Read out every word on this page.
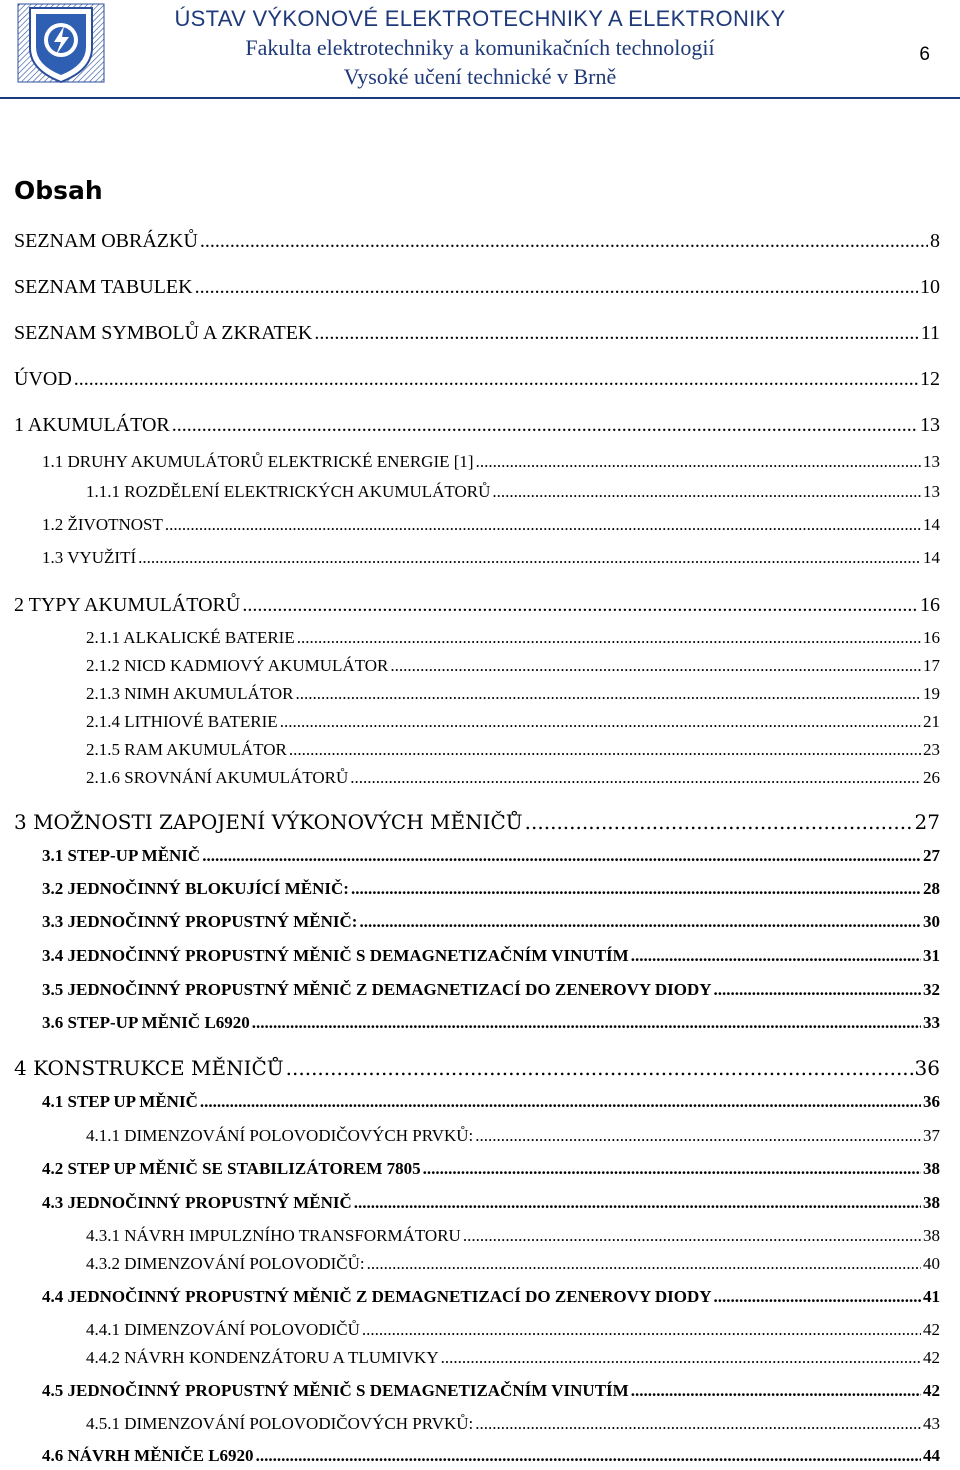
ÚSTAV VÝKONOVÉ ELEKTROTECHNIKY A ELEKTRONIKY
Fakulta elektrotechniky a komunikačních technologií
Vysoké učení technické v Brně
6
Obsah
SEZNAM OBRÁZKŮ .....	8
SEZNAM TABULEK .....	10
SEZNAM SYMBOLŮ A ZKRATEK .....	11
ÚVOD .....	12
1 AKUMULÁTOR .....	13
1.1 DRUHY AKUMULÁTORŮ ELEKTRICKÉ ENERGIE [1] .....	13
1.1.1 ROZDĚLENÍ ELEKTRICKÝCH AKUMULÁTORŮ .....	13
1.2 ŽIVOTNOST .....	14
1.3 VYUŽITÍ .....	14
2 TYPY AKUMULÁTORŮ .....	16
2.1.1 ALKALICKÉ BATERIE .....	16
2.1.2 NICD KADMIOVÝ AKUMULÁTOR .....	17
2.1.3 NIMH AKUMULÁTOR .....	19
2.1.4 LITHIOVÉ BATERIE .....	21
2.1.5 RAM AKUMULÁTOR .....	23
2.1.6 SROVNÁNÍ AKUMULÁTORŮ .....	26
3 MOŽNOSTI ZAPOJENÍ VÝKONOVÝCH MĚNIČŮ .....	27
3.1 STEP-UP MĚNIČ .....	27
3.2 JEDNOČINNÝ BLOKUJÍCÍ MĚNIČ: .....	28
3.3 JEDNOČINNÝ PROPUSTNÝ MĚNIČ: .....	30
3.4 JEDNOČINNÝ PROPUSTNÝ MĚNIČ S DEMAGNETIZAČNÍM VINUTÍM .....	31
3.5 JEDNOČINNÝ PROPUSTNÝ MĚNIČ Z DEMAGNETIZACÍ DO ZENEROVY DIODY .....	32
3.6 STEP-UP MĚNIČ L6920 .....	33
4 KONSTRUKCE MĚNIČŮ .....	36
4.1 STEP UP MĚNIČ .....	36
4.1.1 DIMENZOVÁNÍ POLOVODIČOVÝCH PRVKŮ: .....	37
4.2 STEP UP MĚNIČ SE STABILIZÁTOREM 7805 .....	38
4.3 JEDNOČINNÝ PROPUSTNÝ MĚNIČ .....	38
4.3.1 NÁVRH IMPULZNÍHO TRANSFORMÁTORU .....	38
4.3.2 DIMENZOVÁNÍ POLOVODIČŮ: .....	40
4.4 JEDNOČINNÝ PROPUSTNÝ MĚNIČ Z DEMAGNETIZACÍ DO ZENEROVY DIODY .....	41
4.4.1 DIMENZOVÁNÍ POLOVODIČŮ .....	42
4.4.2 NÁVRH KONDENZÁTORU A TLUMIVKY .....	42
4.5 JEDNOČINNÝ PROPUSTNÝ MĚNIČ S DEMAGNETIZAČNÍM VINUTÍM .....	42
4.5.1 DIMENZOVÁNÍ POLOVODIČOVÝCH PRVKŮ: .....	43
4.6 NÁVRH MĚNIČE L6920 .....	44
